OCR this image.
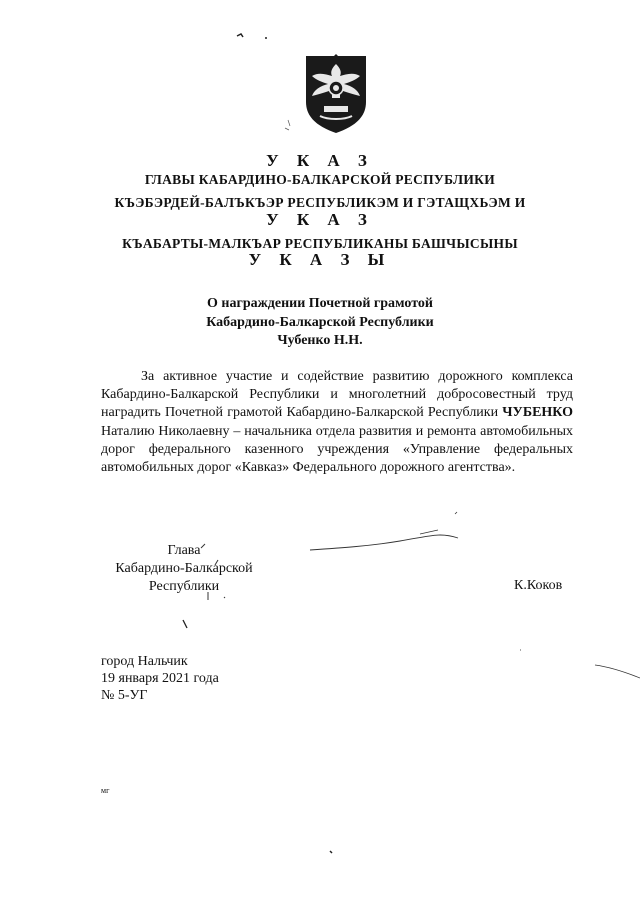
У К А З
ГЛАВЫ КАБАРДИНО-БАЛКАРСКОЙ РЕСПУБЛИКИ
КЪЭБЭРДЕЙ-БАЛЪКЪЭР РЕСПУБЛИКЭМ И ГЭТАЩХЬЭМ И
У К А З
КЪАБАРТЫ-МАЛКЪАР РЕСПУБЛИКАНЫ БАШЧЫСЫНЫ
У К А З Ы
О награждении Почетной грамотой
Кабардино-Балкарской Республики
Чубенко Н.Н.
За активное участие и содействие развитию дорожного комплекса Кабардино-Балкарской Республики и многолетний добросовестный труд наградить Почетной грамотой Кабардино-Балкарской Республики ЧУБЕНКО Наталию Николаевну – начальника отдела развития и ремонта автомобильных дорог федерального казенного учреждения «Управление федеральных автомобильных дорог «Кавказ» Федерального дорожного агентства».
Глава
Кабардино-Балкарской
Республики	К.Коков
город Нальчик
19 января 2021 года
№ 5-УГ
мг
